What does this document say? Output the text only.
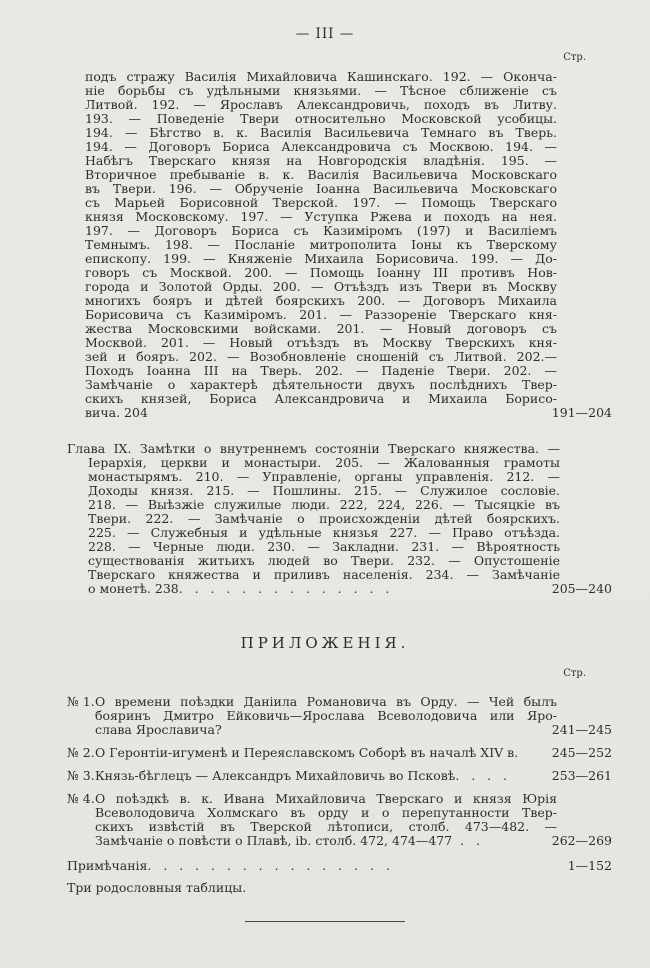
— III —
Стр.
подъ стражу Василія Михайловича Кашинскаго. 192. — Оконча-
ніе борьбы съ удѣльными князьями. — Тѣсное сближеніе съ
Литвой. 192. — Ярославъ Александровичь, походъ въ Литву.
193. — Поведеніе Твери относительно Московской усобицы.
194. — Бѣгство в. к. Василія Васильевича Темнаго въ Тверь.
194. — Договоръ Бориса Александровича съ Москвою. 194. —
Набѣгъ Тверскаго князя на Новгородскія владѣнія. 195. —
Вторичное пребываніе в. к. Василія Васильевича Московскаго
въ Твери. 196. — Обрученіе Іоанна Васильевича Московскаго
съ Марьей Борисовной Тверской. 197. — Помощь Тверскаго
князя Московскому. 197. — Уступка Ржева и походъ на нея.
197. — Договоръ Бориса съ Казиміромъ (197) и Василіемъ
Темнымъ. 198. — Посланіе митрополита Іоны къ Тверскому
епископу. 199. — Княженіе Михаила Борисовича. 199. — До-
говоръ съ Москвой. 200. — Помощь Іоанну III противъ Нов-
города и Золотой Орды. 200. — Отъѣздъ изъ Твери въ Москву
многихъ бояръ и дѣтей боярскихъ 200. — Договоръ Михаила
Борисовича съ Казиміромъ. 201. — Раззореніе Тверскаго кня-
жества Московскими войсками. 201. — Новый договоръ съ
Москвой. 201. — Новый отъѣздъ въ Москву Тверскихъ кня-
зей и бояръ. 202. — Возобновленіе сношеній съ Литвой. 202.—
Походъ Іоанна III на Тверь. 202. — Паденіе Твери. 202. —
Замѣчаніе о характерѣ дѣятельности двухъ послѣднихъ Твер-
скихъ князей, Бориса Александровича и Михаила Борисо-
вича. 204	191—204
Глава IX. Замѣтки о внутреннемъ состояніи Тверскаго княжества. —
Іерархія, церкви и монастыри. 205. — Жалованныя грамоты
монастырямъ. 210. — Управленіе, органы управленія. 212. —
Доходы князя. 215. — Пошлины. 215. — Служилое сословіе.
218. — Выѣзжіе служилые люди. 222, 224, 226. — Тысяцкіе въ
Твери. 222. — Замѣчаніе о происхожденіи дѣтей боярскихъ.
225. — Служебныя и удѣльные князья 227. — Право отъѣзда.
228. — Черные люди. 230. — Закладни. 231. — Вѣроятность
существованія житьихъ людей во Твери. 232. — Опустошеніе
Тверскаго княжества и приливъ населенія. 234. — Замѣчаніе
о монетѣ. 238.   .   .   .   .   .   .   .   .   .   .   .   .   .	205—240
ПРИЛОЖЕНІЯ.
Стр.
№ 1. О времени поѣздки Даніила Романовича въ Орду. — Чей былъ
бояринъ Дмитро Ейковичь—Ярослава Всеволодовича или Яро-
слава Ярославича?	241—245
№ 2. О Геронтіи-игуменѣ и Переяславскомъ Соборѣ въ началѣ XIV в.	245—252
№ 3. Князь-бѣглецъ — Александръ Михайловичь во Псковѣ.   .   .   .	253—261
№ 4. О поѣздкѣ в. к. Ивана Михайловича Тверскаго и князя Юрія
Всеволодовича Холмскаго въ орду и о перепутанности Твер-
скихъ извѣстій въ Тверской лѣтописи, столб. 473—482. —
Замѣчаніе о повѣсти о Плавѣ, ib. столб. 472, 474—477  .   .	262—269
Примѣчанія.   .   .   .   .   .   .   .   .   .   .   .   .   .   .   .	1—152
Три родословныя таблицы.
